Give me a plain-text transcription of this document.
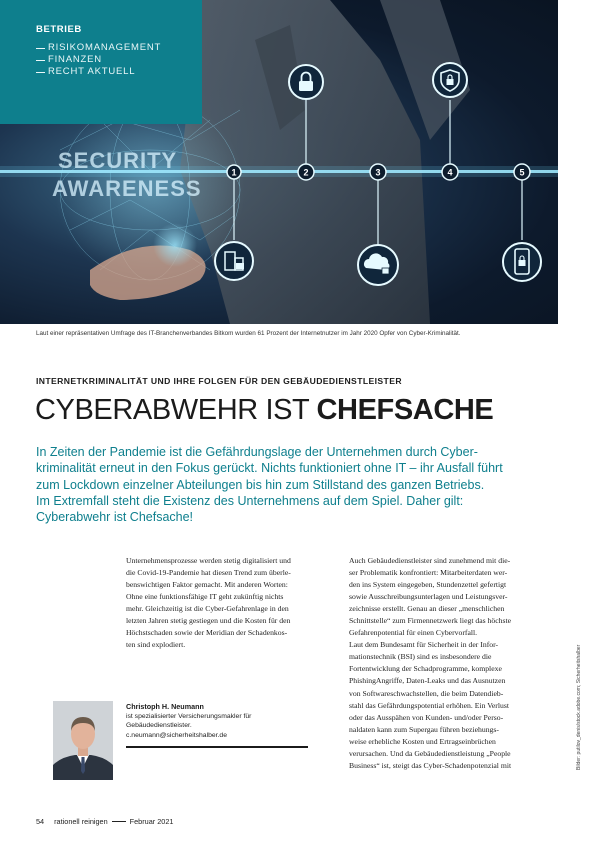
SECURITY
AWARENESS
1	2	3	4	5
BETRIEB
RISIKOMANAGEMENT
FINANZEN
RECHT AKTUELL
Laut einer repräsentativen Umfrage des IT-Branchenverbandes Bitkom wurden 61 Prozent der Internetnutzer im Jahr 2020 Opfer von Cyber-Kriminalität.
INTERNETKRIMINALITÄT UND IHRE FOLGEN FÜR DEN GEBÄUDEDIENSTLEISTER
CYBERABWEHR IST CHEFSACHE
In Zeiten der Pandemie ist die Gefährdungslage der Unternehmen durch Cyber-
kriminalität erneut in den Fokus gerückt. Nichts funktioniert ohne IT – ihr Ausfall führt
zum Lockdown einzelner Abteilungen bis hin zum Stillstand des ganzen Betriebs.
Im Extremfall steht die Existenz des Unternehmens auf dem Spiel. Daher gilt:
Cyberabwehr ist Chefsache!
Unternehmensprozesse werden stetig digitalisiert und
die Covid-19-Pandemie hat diesen Trend zum überle-
benswichtigen Faktor gemacht. Mit anderen Worten:
Ohne eine funktionsfähige IT geht zukünftig nichts
mehr. Gleichzeitig ist die Cyber-Gefahrenlage in den
letzten Jahren stetig gestiegen und die Kosten für den
Höchstschaden sowie der Meridian der Schadenkos-
ten sind explodiert.
Auch Gebäudedienstleister sind zunehmend mit die-
ser Problematik konfrontiert: Mitarbeiterdaten wer-
den ins System eingegeben, Stundenzettel gefertigt
sowie Ausschreibungsunterlagen und Leistungsver-
zeichnisse erstellt. Genau an dieser „menschlichen
Schnittstelle“ zum Firmennetzwerk liegt das höchste
Gefahrenpotential für einen Cybervorfall.
Laut dem Bundesamt für Sicherheit in der Infor-
mationstechnik (BSI) sind es insbesondere die
Fortentwicklung der Schadprogramme, komplexe
PhishingAngriffe, Daten-Leaks und das Ausnutzen
von Softwareschwachstellen, die beim Datendieb-
stahl das Gefährdungspotential erhöhen. Ein Verlust
oder das Ausspähen von Kunden- und/oder Perso-
naldaten kann zum Supergau führen beziehungs-
weise erhebliche Kosten und Ertragseinbrüchen
verursachen. Und da Gebäudedienstleistung „People
Business“ ist, steigt das Cyber-Schadenpotenzial mit
Christoph H. Neumann
ist spezialisierter Versicherungsmakler für Gebäudedienstleister.
c.neumann@sicherheitshalber.de	Bilder: putilov_denis/stock.adobe.com; Sicherheitshalber
54 rationell reinigen	Februar 2021
